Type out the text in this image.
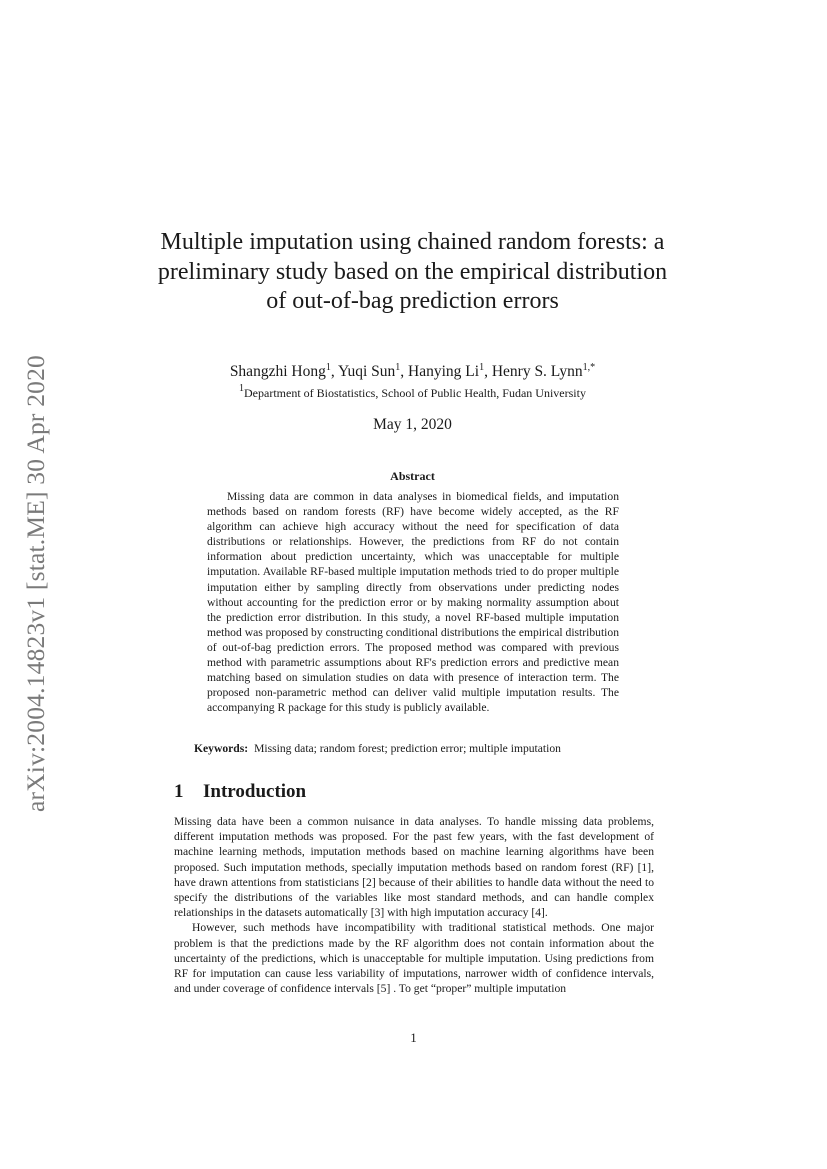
arXiv:2004.14823v1 [stat.ME] 30 Apr 2020
Multiple imputation using chained random forests: a preliminary study based on the empirical distribution of out-of-bag prediction errors
Shangzhi Hong$^1$, Yuqi Sun$^1$, Hanying Li$^1$, Henry S. Lynn$^{1,*}$
$^1$Department of Biostatistics, School of Public Health, Fudan University
May 1, 2020
Abstract

Missing data are common in data analyses in biomedical fields, and imputation methods based on random forests (RF) have become widely accepted, as the RF algorithm can achieve high accuracy without the need for specification of data distributions or relationships. However, the predictions from RF do not contain information about prediction uncertainty, which was unacceptable for multiple imputation. Available RF-based multiple imputation methods tried to do proper multiple imputation either by sampling directly from observations under predicting nodes without accounting for the prediction error or by making normality assumption about the prediction error distribution. In this study, a novel RF-based multiple imputation method was proposed by constructing conditional distributions the empirical distribution of out-of-bag prediction errors. The proposed method was compared with previous method with parametric assumptions about RF's prediction errors and predictive mean matching based on simulation studies on data with presence of interaction term. The proposed non-parametric method can deliver valid multiple imputation results. The accompanying R package for this study is publicly available.

Keywords: Missing data; random forest; prediction error; multiple imputation
1 Introduction

Missing data have been a common nuisance in data analyses. To handle missing data problems, different imputation methods was proposed. For the past few years, with the fast development of machine learning methods, imputation methods based on machine learning algorithms have been proposed. Such imputation methods, specially imputation methods based on random forest (RF) [1], have drawn attentions from statisticians [2] because of their abilities to handle data without the need to specify the distributions of the variables like most standard methods, and can handle complex relationships in the datasets automatically [3] with high imputation accuracy [4].

However, such methods have incompatibility with traditional statistical methods. One major problem is that the predictions made by the RF algorithm does not contain information about the uncertainty of the predictions, which is unacceptable for multiple imputation. Using predictions from RF for imputation can cause less variability of imputations, narrower width of confidence intervals, and under coverage of confidence intervals [5] . To get “proper” multiple imputation

1
